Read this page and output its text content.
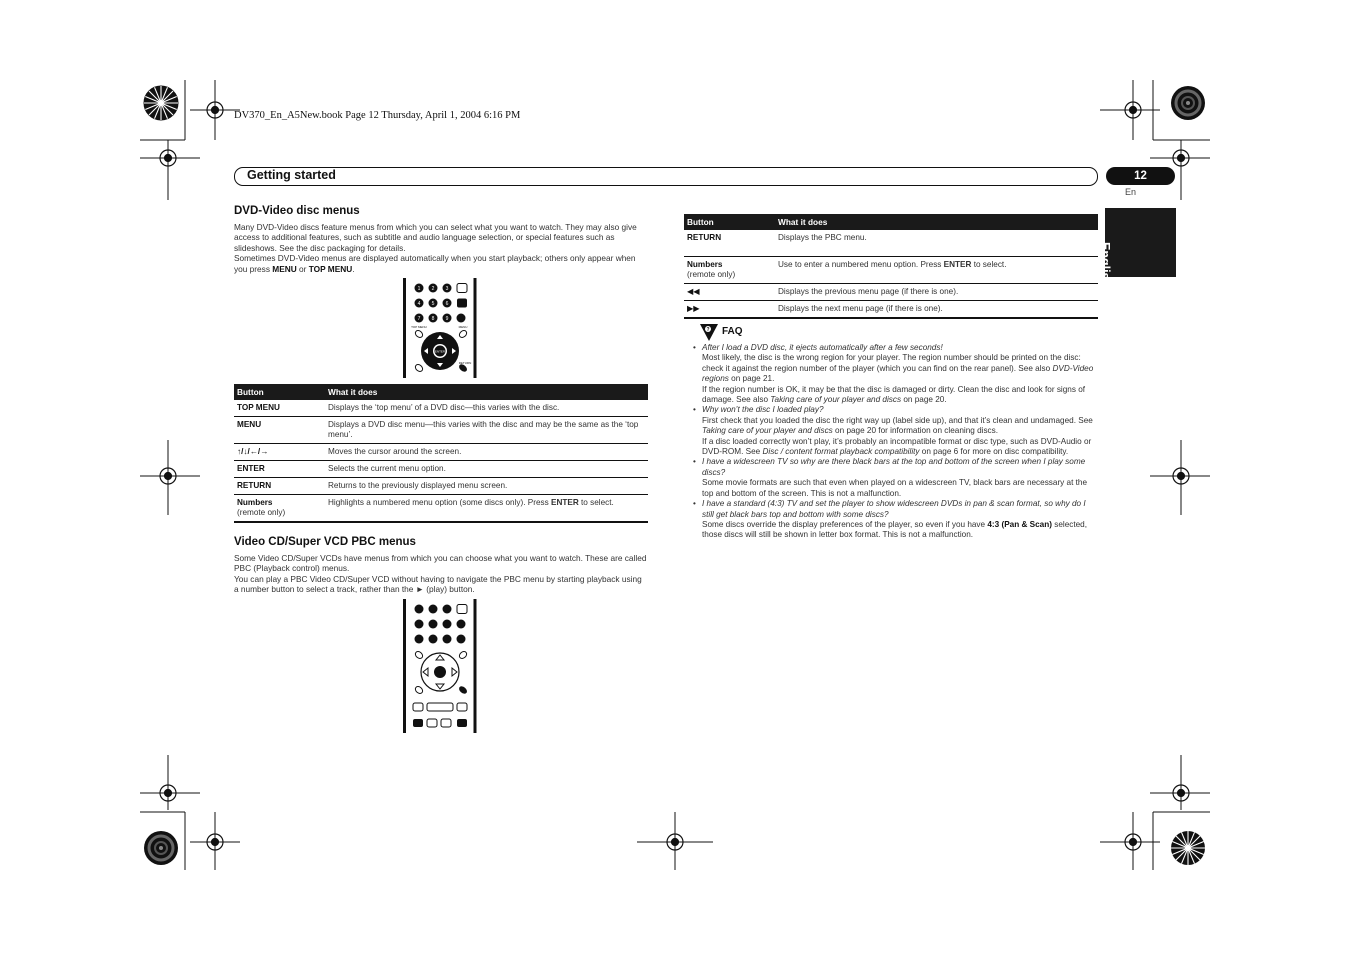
DV370_En_A5New.book Page 12 Thursday, April 1, 2004 6:16 PM
Getting started	12
En
English
DVD-Video disc menus
Many DVD-Video discs feature menus from which you can select what you want to watch. They may also give access to additional features, such as subtitle and audio language selection, or special features such as slideshows. See the disc packaging for details.
Sometimes DVD-Video menus are displayed automatically when you start playback; others only appear when you press MENU or TOP MENU.
1 2 3
4 5 6
7 8 9
TOP MENU	MENU
RETURN
ENTER
Button	What it does
TOP MENU	Displays the ‘top menu’ of a DVD disc—this varies with the disc.
MENU	Displays a DVD disc menu—this varies with the disc and may be the same as the ‘top menu’.
↑/↓/←/→	Moves the cursor around the screen.
ENTER	Selects the current menu option.
RETURN	Returns to the previously displayed menu screen.
Numbers
(remote only)	Highlights a numbered menu option (some discs only). Press ENTER to select.
Video CD/Super VCD PBC menus
Some Video CD/Super VCDs have menus from which you can choose what you want to watch. These are called PBC (Playback control) menus.
You can play a PBC Video CD/Super VCD without having to navigate the PBC menu by starting playback using a number button to select a track, rather than the ► (play) button.
Button	What it does
RETURN	Displays the PBC menu.
Numbers
(remote only)	Use to enter a numbered menu option. Press ENTER to select.
◀◀	Displays the previous menu page (if there is one).
▶▶	Displays the next menu page (if there is one).
? FAQ
• After I load a DVD disc, it ejects automatically after a few seconds!
Most likely, the disc is the wrong region for your player. The region number should be printed on the disc: check it against the region number of the player (which you can find on the rear panel). See also DVD-Video regions on page 21.
If the region number is OK, it may be that the disc is damaged or dirty. Clean the disc and look for signs of damage. See also Taking care of your player and discs on page 20.
• Why won’t the disc I loaded play?
First check that you loaded the disc the right way up (label side up), and that it’s clean and undamaged. See Taking care of your player and discs on page 20 for information on cleaning discs.
If a disc loaded correctly won’t play, it’s probably an incompatible format or disc type, such as DVD-Audio or DVD-ROM. See Disc / content format playback compatibility on page 6 for more on disc compatibility.
• I have a widescreen TV so why are there black bars at the top and bottom of the screen when I play some discs?
Some movie formats are such that even when played on a widescreen TV, black bars are necessary at the top and bottom of the screen. This is not a malfunction.
• I have a standard (4:3) TV and set the player to show widescreen DVDs in pan & scan format, so why do I still get black bars top and bottom with some discs?
Some discs override the display preferences of the player, so even if you have 4:3 (Pan & Scan) selected, those discs will still be shown in letter box format. This is not a malfunction.
